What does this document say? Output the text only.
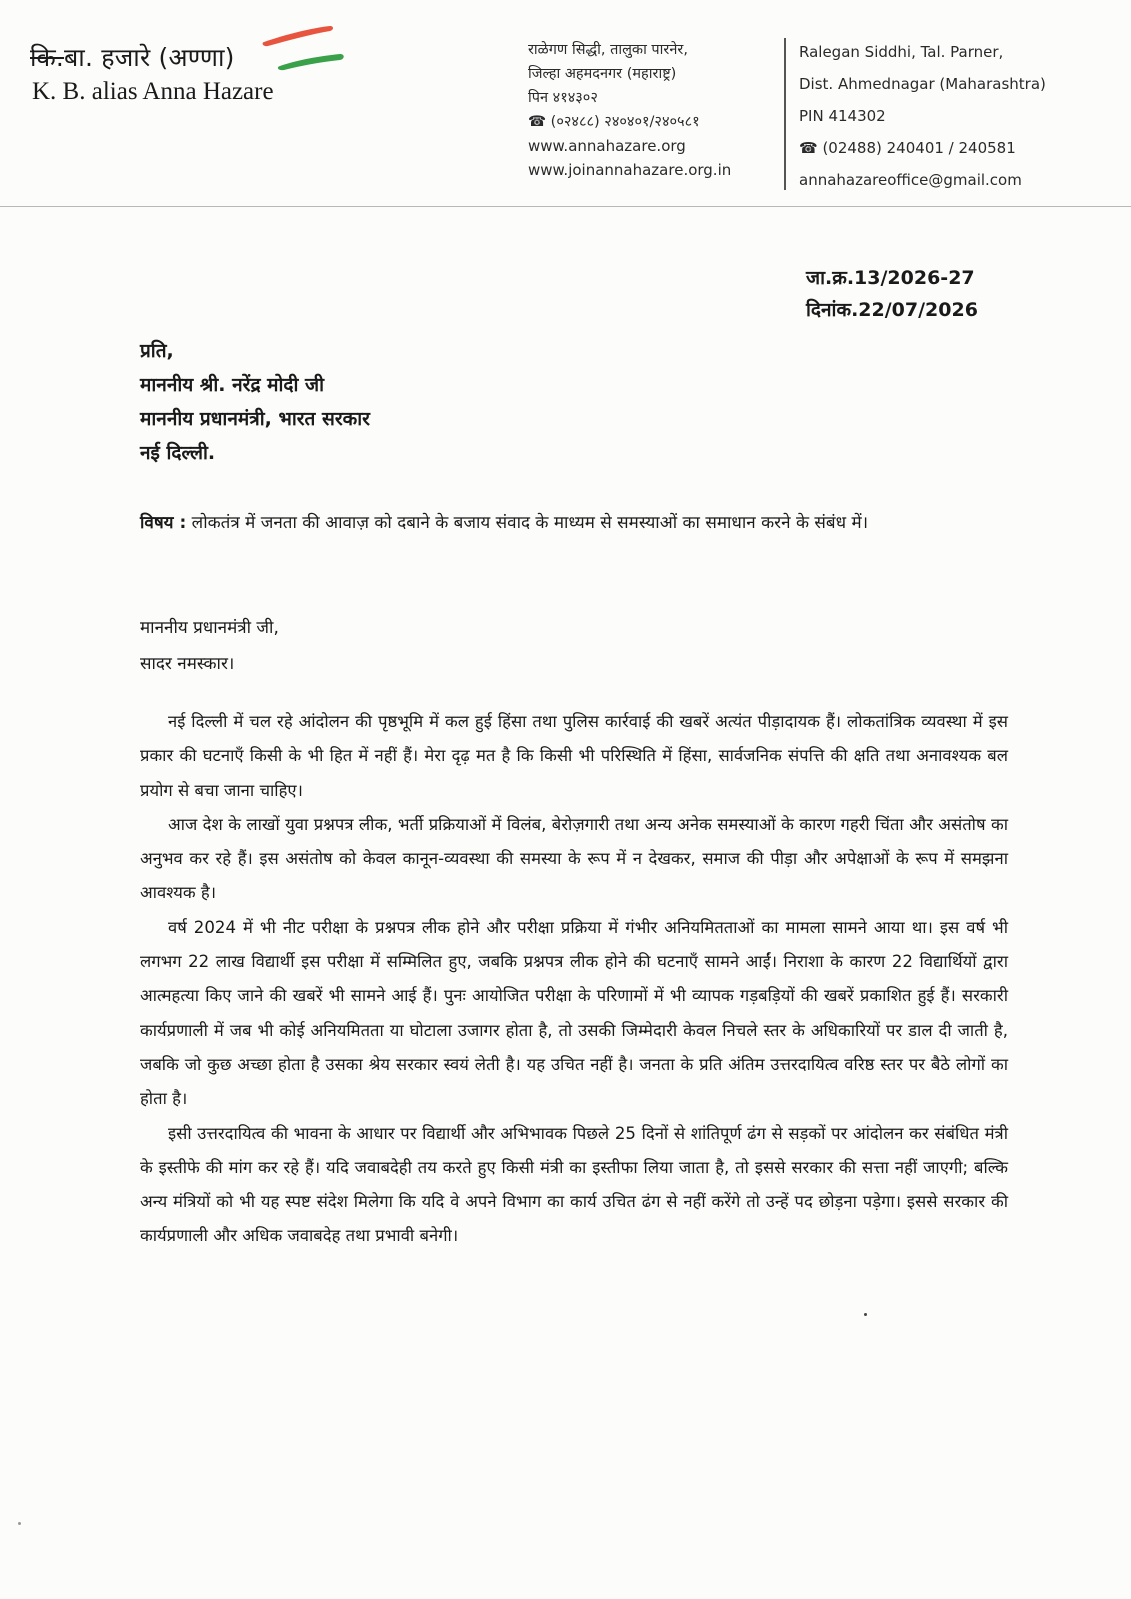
कि.बा. हजारे (अण्णा)
K. B. alias Anna Hazare
राळेगण सिद्धी, तालुका पारनेर,
जिल्हा अहमदनगर (महाराष्ट्र)
पिन ४१४३०२
☎ (०२४८८) २४०४०१/२४०५८१
www.annahazare.org
www.joinannahazare.org.in
Ralegan Siddhi, Tal. Parner,
Dist. Ahmednagar (Maharashtra)
PIN 414302
☎ (02488) 240401 / 240581
annahazareoffice@gmail.com
जा.क्र.13/2026-27
दिनांक.22/07/2026
प्रति,
माननीय श्री. नरेंद्र मोदी जी
माननीय प्रधानमंत्री, भारत सरकार
नई दिल्ली.
विषय : लोकतंत्र में जनता की आवाज़ को दबाने के बजाय संवाद के माध्यम से समस्याओं का समाधान करने के संबंध में।
माननीय प्रधानमंत्री जी,
सादर नमस्कार।

नई दिल्ली में चल रहे आंदोलन की पृष्ठभूमि में कल हुई हिंसा तथा पुलिस कार्रवाई की खबरें अत्यंत पीड़ादायक हैं। लोकतांत्रिक व्यवस्था में इस प्रकार की घटनाएँ किसी के भी हित में नहीं हैं। मेरा दृढ़ मत है कि किसी भी परिस्थिति में हिंसा, सार्वजनिक संपत्ति की क्षति तथा अनावश्यक बल प्रयोग से बचा जाना चाहिए।

आज देश के लाखों युवा प्रश्नपत्र लीक, भर्ती प्रक्रियाओं में विलंब, बेरोज़गारी तथा अन्य अनेक समस्याओं के कारण गहरी चिंता और असंतोष का अनुभव कर रहे हैं। इस असंतोष को केवल कानून-व्यवस्था की समस्या के रूप में न देखकर, समाज की पीड़ा और अपेक्षाओं के रूप में समझना आवश्यक है।

वर्ष 2024 में भी नीट परीक्षा के प्रश्नपत्र लीक होने और परीक्षा प्रक्रिया में गंभीर अनियमितताओं का मामला सामने आया था। इस वर्ष भी लगभग 22 लाख विद्यार्थी इस परीक्षा में सम्मिलित हुए, जबकि प्रश्नपत्र लीक होने की घटनाएँ सामने आईं। निराशा के कारण 22 विद्यार्थियों द्वारा आत्महत्या किए जाने की खबरें भी सामने आई हैं। पुनः आयोजित परीक्षा के परिणामों में भी व्यापक गड़बड़ियों की खबरें प्रकाशित हुई हैं। सरकारी कार्यप्रणाली में जब भी कोई अनियमितता या घोटाला उजागर होता है, तो उसकी जिम्मेदारी केवल निचले स्तर के अधिकारियों पर डाल दी जाती है, जबकि जो कुछ अच्छा होता है उसका श्रेय सरकार स्वयं लेती है। यह उचित नहीं है। जनता के प्रति अंतिम उत्तरदायित्व वरिष्ठ स्तर पर बैठे लोगों का होता है।

इसी उत्तरदायित्व की भावना के आधार पर विद्यार्थी और अभिभावक पिछले 25 दिनों से शांतिपूर्ण ढंग से सड़कों पर आंदोलन कर संबंधित मंत्री के इस्तीफे की मांग कर रहे हैं। यदि जवाबदेही तय करते हुए किसी मंत्री का इस्तीफा लिया जाता है, तो इससे सरकार की सत्ता नहीं जाएगी; बल्कि अन्य मंत्रियों को भी यह स्पष्ट संदेश मिलेगा कि यदि वे अपने विभाग का कार्य उचित ढंग से नहीं करेंगे तो उन्हें पद छोड़ना पड़ेगा। इससे सरकार की कार्यप्रणाली और अधिक जवाबदेह तथा प्रभावी बनेगी।
